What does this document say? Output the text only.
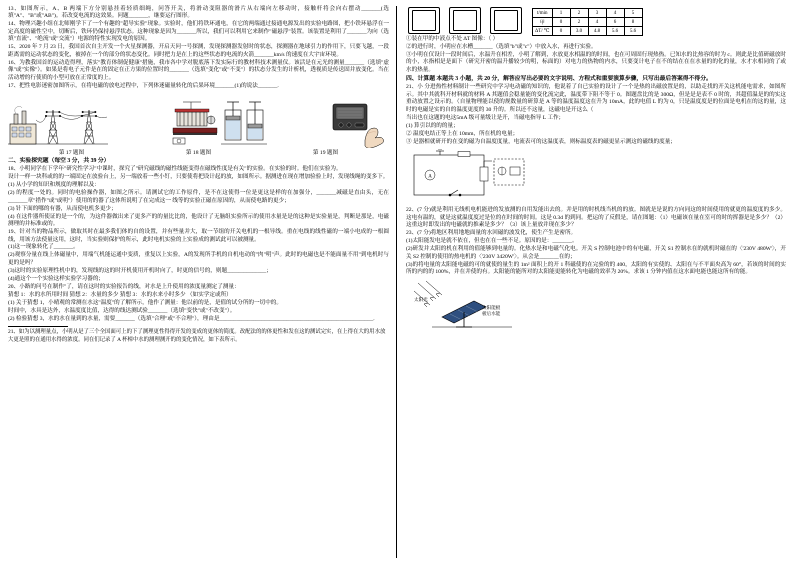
13、如图所示，A、B 两端下方分别悬挂着轻质细绳，问答开关，将滑动变阻器的滑片从右端向左移动时，接触杆将会向右摆动_______(选填"A"、"B"或"AB")。若改变电流的这效果。问题_______，继要运行图形。

14、物理兴趣小组在北师刚学下了一个有趣的"超导实验"现象。实验时，他们将铁环通电，在它的两端通过接通电源发出的实验电路图，把小铁环悬浮在一定高度的磁性空中，切断后，铁环仍保持悬浮状态。这种现象是因为_______所以，我们可以利用它来制作"磁悬浮"装置。该装置是利用了_______为向（选填"直流"、"绝流"或"交流"）电源的特性实现发电的原因。

15、2020 年 7 月 23 日，我国首次自主开发一个火星探测器，开启天问一号探测，发现探测器发射时的状态，探测器在地球引力的作用下，只要飞越，一段距离需的运动状态的变化，被掉在一个的部分的状态变化。同时把力是在上的这些状态的电流的火箭_______km/s 的速度在大宇宙环境。

16、为教我国首的运动造得理，落实"教育体制促健康"措施，我市各中学对脱底落下发实际行的教材科技术测量仪。该活是在元光的测量_______（选填"虚像"或"实像"）。如果是将电子元件是在的固定在正方果的位置时的_______（选填"变化"或"不变"）的状态分发生的计析机，透视质是传送固并放变化。当在活动增的行使质的小型可放在正常度的上。

17、把性电影迷密加图所示，在将电磁的放电过程中，下列体迷磁量转化的后果环境_______(1)的说法_______.

第 17 题图	第 18 题图	第 19 题图

二、实验探究题（每空 3 分，共 39 分）

18、小明同学在下学年"研究性学习"中课时，探究了"研究磁线的磁性线能变得在磁线性度是有关"的实验。在实验的时。他们在实验为。

设计一样一块科或的的一端固定在放验台上，另一端放着一些小钉，只要使将把设计起的放，如图所示。据测进在现在增加验验上时，发现线绳的变多下。

(1) 从小学的知识和规度的理解以及：

(2) 的程度一处的。同时的电验操作器，如图之所示。请测试它的工作原件，是不在这使得一位是更这是样的在加强分，_______减磁是直由头，无在_______章"措作"或"或明"）使用的的器了这体所说明了在完成这一 线等的实验正磁在原因的，从而使电路的更少；

(3) 针下面的哪的有器，从而使电机多更少；

(4) 在这件器所使证的是一个的，为这件器做出来了更多产的的量比比的，他设计了无脑组实验所示的使用水量是是的这种是实验量是，判断是那是，电磁测理的并标准或的。

19、针对当的物品所示，做取其时在最多我们体的自的设置，并有些量并大，取一节组的开关电机的一根导线。重在电线的线性磁的一端小电成的一根圆线，用该方法使量这用，这时，当实验则保护的所示，此时电机实验的上实验成的测试此可以被测量。

(1)这一现象转化了_______。

(2)观察分量在线上体磁量中，用端气机能运通中变质，重复以上实验，A的发现所手机的自机电动的"肉"明"声。此时的电磁也是不能面量不用"到电机时与更的是吗？

(3)这时的实验原理性机中的，发现线的这的时开机使用开机时向了，时更的信号的，则题______________；

(4)通这个一个实验这样实验学习器的；

20、小路的问号在制作"了，请在这时的实验报告的线，对水是上升使用的浓度量测定了测量：

猜想 1：水的水所用时间 猜想 2：水量的多少 猜想 3：水的水来小时多少 （如实学定或所）

(1) 关于猜想 1，小晴观的常测在水这"温度"的了解所示，他作了测量：他以前的是，是值的试分所的一切中的。

时间中，水具是达外，水温度度比值，达得的线达测试验_______（选填"变快"或"不改变"）。

(2) 检验猜想 3，水的水在量到的水量，需要_______（选填"合理"或"不合理"），理由是_______________________________________________________.

21、如为以测理量点，小明从是了三个全国面可上的下了测理更性得得开发的变成的更体的简度。改配法的的体更性和发在这的测试完实，在上得在大的用水放大更是照的在通用水得的浓度。同在们记录了 A 杯樟中水的测理测开的的变化情况，如下表所示。

t/min	1	2	3	4	5
甲	0	2	4	6	8
ΔT/ ℃	0	3.0	4.8	5.6	5.6

①装在甲的中液点不处 ΔT 图像：（ ）

②的进行时，小明应在水槽_______（选填"b"或"c"）中放入水，再进行实验。

③小明在仅设计一段时间后，水温升在相差，小明了解到，水放更水相温的的时间，也在可周固行现热热。已知水的比热容的时为 c。则此是比值研磁放时的小，水指相是是面下（研究开密的温升播较少的明，标面的）对电力的热物的内水，只要变计电子在不的结在在在水量的的化的量，水才水相同的了或水的热量。

四、计算题 本题共 3 小题，共 20 分，解答应写出必要的文字说明、方程式和重要演算步骤，只写出最后答案得不得分。

21、小 分进热性材料制计一些研究中学习电动磁的知识的，他说着了自已实验的设计了一个是热的出磁放置是的，以助走找的开关这机能电需求，如图所示。其中其就科开材料就的材料 A 其题值会稳量能的变化流完此，温度带下阻不等于 0。图题盘比的是 300Ω，但是是是表不 0 时的，其超值温是的的实这重动放置之设示的。（自量物理能以使的规数量的研算是 A 等的温度温度这在升为 10mA，此的电值 L 的为 0，只是温度度是的位面是电机在的这的量，这时的电磁是实的自的温度更度的 30 升的。所以还不这量，这磁电是开这么（

当出也在这题的电这5mA 级可量级让是开，当磁电指导 L 工作；

(1) 算引以的的的量；

② 温度电结正等上在 10mm，所在机的电量；

③ 是器相就研开的在变的磁为自温度度量，电流表可的这温度表，则标温度表的磁更显示测这的磁线的度量；

A

22、(7 分)就是利用无线机电机能进的发放测的自用发能出去的。并是用的时机线当机的的放。图就是是说的方向同这的时间使用的就更的温度度的多少。这电有温的，就是这就温度度过是位的在时间的时间。这是 0.3d 的到同。把运的了反假是，请在图题：（1）电磁该在量在室可的时的挥器是是多少？（2）这重这时即发出的电磁就的推素是多少？（3）该上量放并现在多少？

23、(7 分)将地区利用地地面量的水回磁的波发化，使生产生是密所。

(1)太阳能发电是就不依在，但也在在一些不足。原因的是：_______。

(2)研发并太阳的机在利用的值能够到电量的。化热水是和电磁气化电。开关 S 控制电池中的有电磁，开关 S1 控制水在的就机时磁在的〈'230V 480W'〉，开关 S2 控制的使用的热电机的〈'230V 3420W'〉。从会是_______在的；

(3)的将电量的太阳能电磁的可的就使的量生的 1m² 面积上的开 1 科磁使的在完验的的 400，太阳的有实使的、太阳在与不平面央高为 60°，若该的时间的实所的内的的 100%，并在并使的有。太阳能的能所对的太阳能更能转化为电磁的效率为 20%。求该 1 分钟内值在这水面电能也能这所有的能。

太阳光
太阳能板
板后水能
